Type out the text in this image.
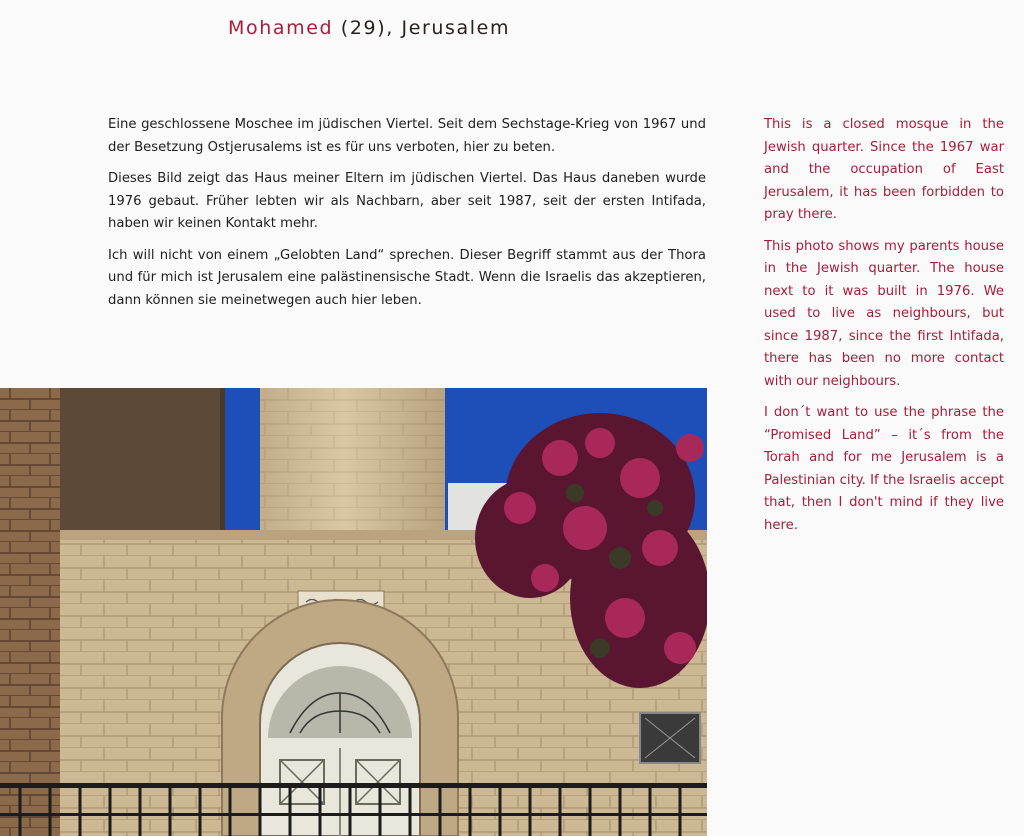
Mohamed (29), Jerusalem

Eine geschlossene Moschee im jüdischen Viertel. Seit dem Sechstage-Krieg von 1967 und der Besetzung Ostjerusalems ist es für uns verboten, hier zu beten.

Dieses Bild zeigt das Haus meiner Eltern im jüdischen Viertel. Das Haus daneben wurde 1976 gebaut. Früher lebten wir als Nachbarn, aber seit 1987, seit der ersten Intifada, haben wir keinen Kontakt mehr.

Ich will nicht von einem „Gelobten Land“ sprechen. Dieser Begriff stammt aus der Thora und für mich ist Jerusalem eine palästinensische Stadt. Wenn die Israelis das akzeptieren, dann können sie meinetwegen auch hier leben.

This is a closed mosque in the Jewish quarter. Since the 1967 war and the occupation of East Jerusalem, it has been forbidden to pray there.

This photo shows my parents house in the Jewish quarter. The house next to it was built in 1976. We used to live as neighbours, but since 1987, since the first Intifada, there has been no more contact with our neighbours.

I don´t want to use the phrase the “Promised Land” – it´s from the Torah and for me Jerusalem is a Palestinian city. If the Israelis accept that, then I don't mind if they live here.
